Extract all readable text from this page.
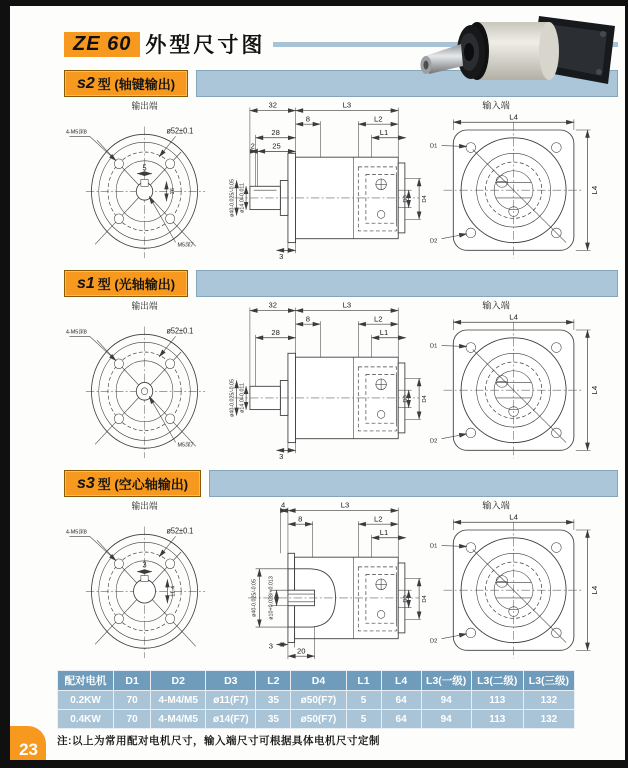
ZE 60 外型尺寸图
s2 型 (轴键输出)
输出端
5
16
4-M5深8	ø52±0.1
M5深7
32	L3
8	L2
28	L1
2 25
ø40-0.025/-0.05 ø14 0/-0.011	D3 D4
3
输入端
D1
D2
L4
L4
s1 型 (光轴输出)
输出端
4-M5深8	ø52±0.1
M5深7
32	L3
8	L2
28	L1
ø40-0.025/-0.05 ø14 0/-0.011	D3 D4
3
输入端
D1
D2
L4
L4
s3 型 (空心轴输出)
输出端
3
11.4
4-M5深8	ø52±0.1
4	L3
8	L2
L1
ø40-0.025/-0.05 ø10+0.028/+0.013	D3 D4
3
20
输入端
D1
D2
L4
L4
配对电机	D1	D2	D3	L2	D4	L1	L4	L3(一级)	L3(二级)	L3(三级)
0.2KW	70	4-M4/M5	ø11(F7)	35	ø50(F7)	5	64	94	113	132
0.4KW	70	4-M4/M5	ø14(F7)	35	ø50(F7)	5	64	94	113	132
注:以上为常用配对电机尺寸，输入端尺寸可根据具体电机尺寸定制
23
